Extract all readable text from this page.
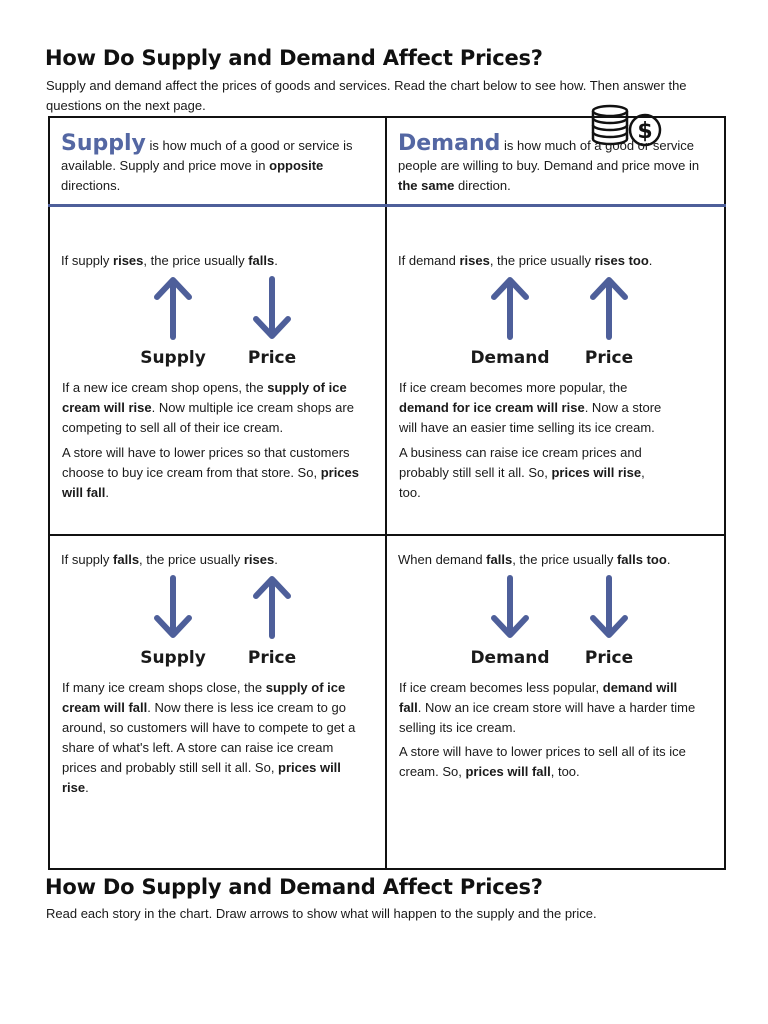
How Do Supply and Demand Affect Prices?
Supply and demand affect the prices of goods and services. Read the chart below to see how. Then answer the questions on the next page.
$
Supply is how much of a good or service is available. Supply and price move in opposite directions.
Demand is how much of a good or service people are willing to buy. Demand and price move in the same direction.
If supply rises, the price usually falls.
Supply	Price
If a new ice cream shop opens, the supply of ice cream will rise. Now multiple ice cream shops are competing to sell all of their ice cream.
A store will have to lower prices so that customers choose to buy ice cream from that store. So, prices will fall.
If demand rises, the price usually rises too.
Demand	Price
If ice cream becomes more popular, the demand for ice cream will rise. Now a store will have an easier time selling its ice cream.
A business can raise ice cream prices and probably still sell it all. So, prices will rise, too.
If supply falls, the price usually rises.
Supply	Price
If many ice cream shops close, the supply of ice cream will fall. Now there is less ice cream to go around, so customers will have to compete to get a share of what's left. A store can raise ice cream prices and probably still sell it all. So, prices will rise.
When demand falls, the price usually falls too.
Demand	Price
If ice cream becomes less popular, demand will fall. Now an ice cream store will have a harder time selling its ice cream.
A store will have to lower prices to sell all of its ice cream. So, prices will fall, too.
How Do Supply and Demand Affect Prices?
Read each story in the chart. Draw arrows to show what will happen to the supply and the price.
